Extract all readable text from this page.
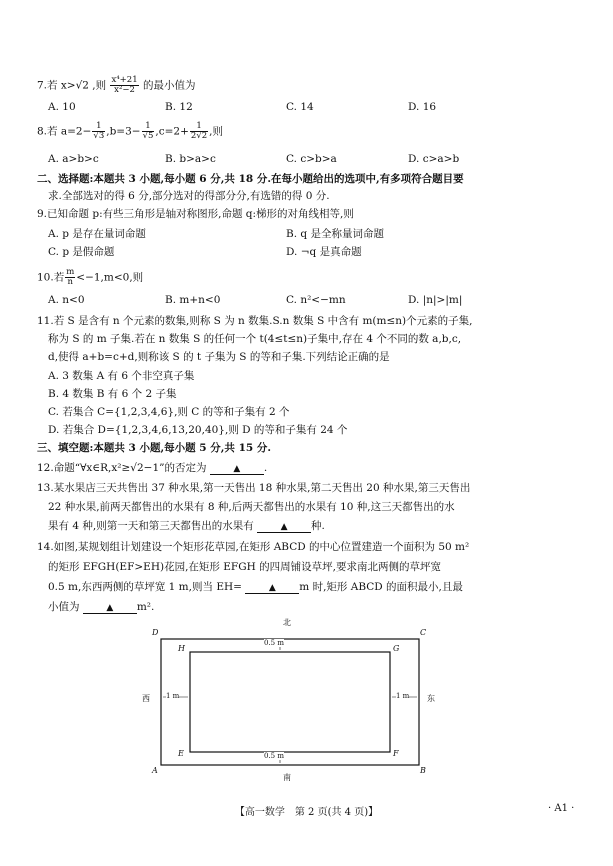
7.若 x>√2 ,则 $\frac{\text{x⁴+21}}{\text{x²−2}}$ 的最小值为
A. 10	B. 12	C. 14	D. 16
8.若 $a=2- \frac{1}{√3} ,b=3- \frac{1}{√5} ,c=2+ \frac{1}{2√2}$ ,则
A. a>b>c	B. b>a>c	C. c>b>a	D. c>a>b
二、选择题:本题共 3 小题,每小题 6 分,共 18 分.在每小题给出的选项中,有多项符合题目要
求.全部选对的得 6 分,部分选对的得部分分,有选错的得 0 分.
9.已知命题 p:有些三角形是轴对称图形,命题 q:梯形的对角线相等,则
A. p 是存在量词命题	B. q 是全称量词命题
C. p 是假命题	D. ¬q 是真命题
10.若 $\frac{m}{n} <-1,m<0$,则
A. n<0	B. m+n<0	C. n²<−mn	D. |n|>|m|
11.若 S 是含有 n 个元素的数集,则称 S 为 n 数集.S.n 数集 S 中含有 m(m≤n)个元素的子集,
称为 S 的 m 子集.若在 n 数集 S 的任何一个 t(4≤t≤n)子集中,存在 4 个不同的数 a,b,c,
d,使得 a+b=c+d,则称该 S 的 t 子集为 S 的等和子集.下列结论正确的是
A. 3 数集 A 有 6 个非空真子集
B. 4 数集 B 有 6 个 2 子集
C. 若集合 C={1,2,3,4,6},则 C 的等和子集有 2 个
D. 若集合 D={1,2,3,4,6,13,20,40},则 D 的等和子集有 24 个
三、填空题:本题共 3 小题,每小题 5 分,共 15 分.
12.命题“∀x∈R,x²≥√2−1”的否定为	▲ .
13.某水果店三天共售出 37 种水果,第一天售出 18 种水果,第二天售出 20 种水果,第三天售出
22 种水果,前两天都售出的水果有 8 种,后两天都售出的水果有 10 种,这三天都售出的水
果有 4 种,则第一天和第三天都售出的水果有	▲ 种.
14.如图,某规划组计划建设一个矩形花草园,在矩形 ABCD 的中心位置建造一个面积为 50 m²
的矩形 EFGH(EF>EH)花园,在矩形 EFGH 的四周铺设草坪,要求南北两侧的草坪宽
0.5 m,东西两侧的草坪宽 1 m,则当 EH=	▲ m 时,矩形 ABCD 的面积最小,且最
小值为	▲ m².
北
南
西	东
D	C
A	B
H	G
E	F
0.5 m
0.5 m
1 m	1 m
【高一数学　第 2 页(共 4 页)】	· A1 ·
